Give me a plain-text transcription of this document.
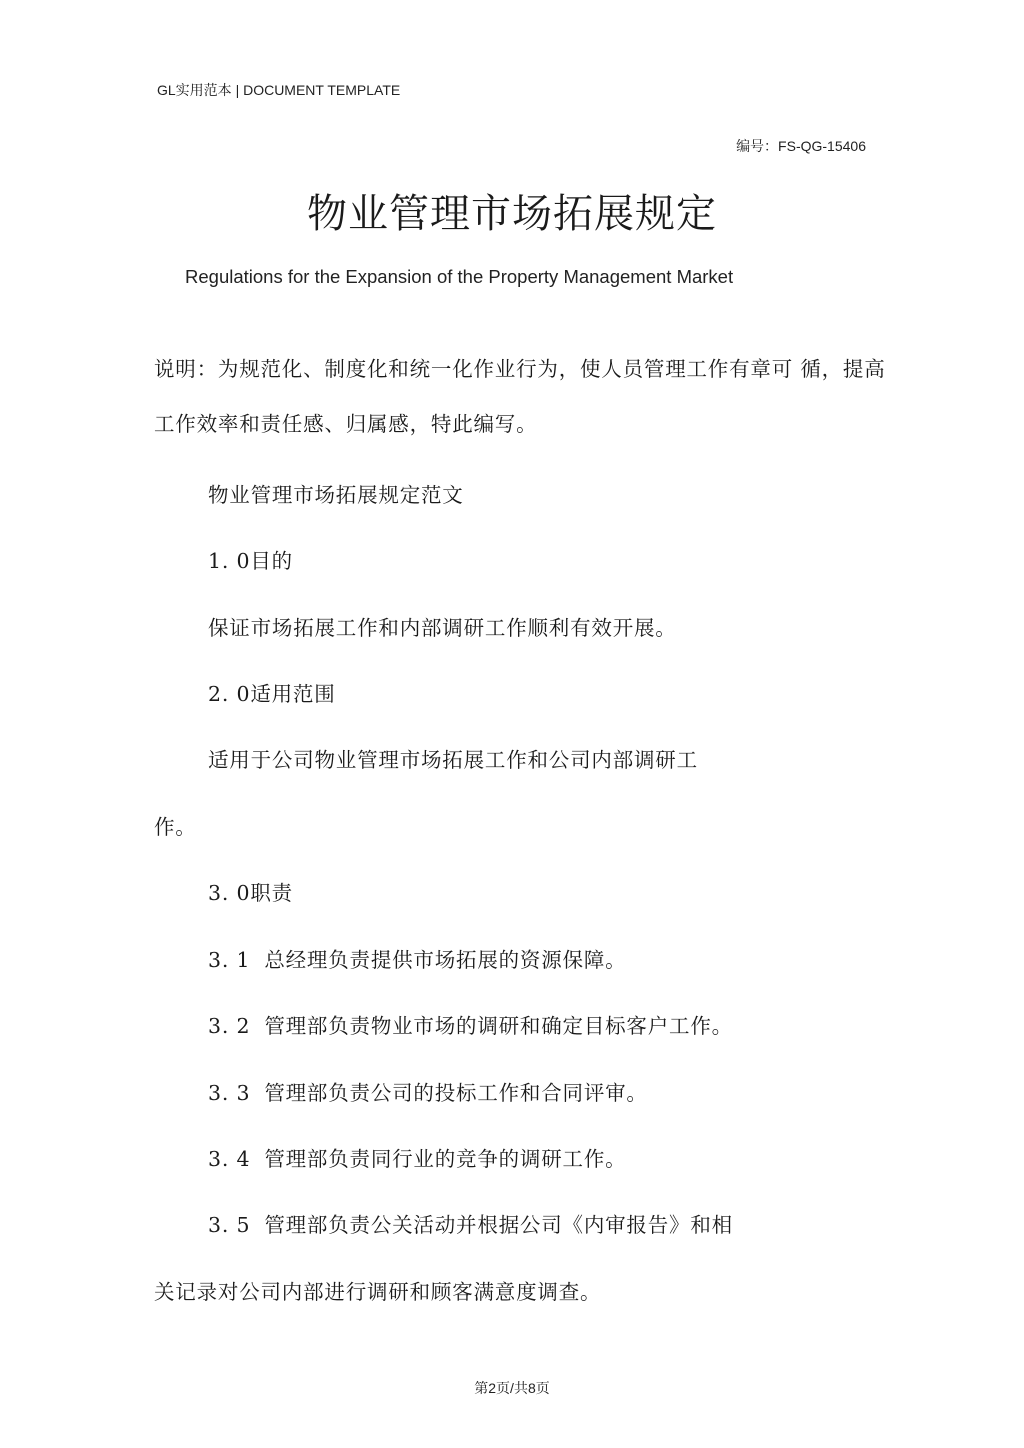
GL实用范本 | DOCUMENT TEMPLATE
编号：FS-QG-15406
物业管理市场拓展规定
Regulations for the Expansion of the Property Management Market
说明：为规范化、制度化和统一化作业行为，使人员管理工作有章可 循，提高工作效率和责任感、归属感，特此编写。
物业管理市场拓展规定范文
1. 0目的
保证市场拓展工作和内部调研工作顺利有效开展。
2. 0适用范围
适用于公司物业管理市场拓展工作和公司内部调研工
作。
3. 0职责
3. 1 总经理负责提供市场拓展的资源保障。
3. 2 管理部负责物业市场的调研和确定目标客户工作。
3. 3 管理部负责公司的投标工作和合同评审。
3. 4 管理部负责同行业的竞争的调研工作。
3. 5 管理部负责公关活动并根据公司《内审报告》和相
关记录对公司内部进行调研和顾客满意度调查。
第2页/共8页
